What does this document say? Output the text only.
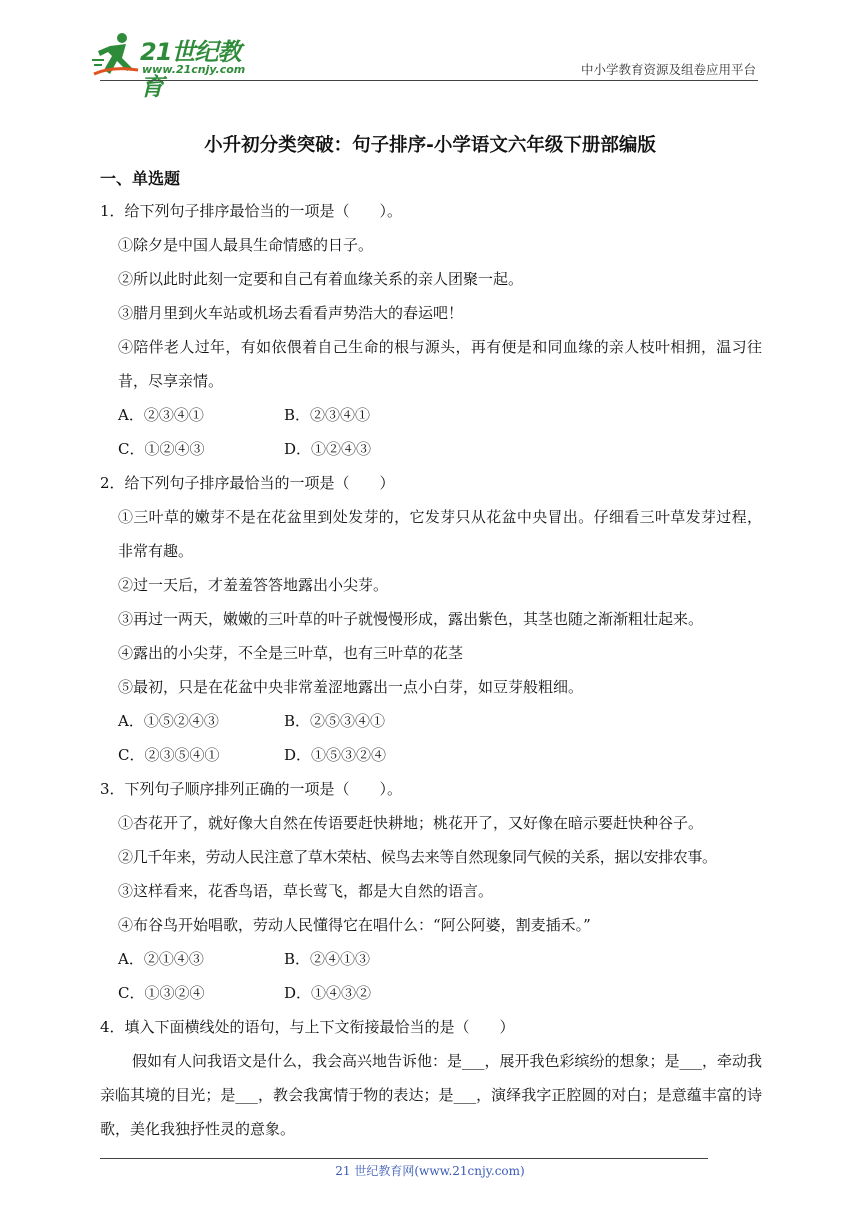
21世纪教育
www.21cnjy.com	中小学教育资源及组卷应用平台
小升初分类突破：句子排序-小学语文六年级下册部编版
一、单选题
1．给下列句子排序最恰当的一项是（　　）。
①除夕是中国人最具生命情感的日子。
②所以此时此刻一定要和自己有着血缘关系的亲人团聚一起。
③腊月里到火车站或机场去看看声势浩大的春运吧！
④陪伴老人过年，有如依偎着自己生命的根与源头，再有便是和同血缘的亲人枝叶相拥，温习往昔，尽享亲情。
A．②③④①	B．②③④①
C．①②④③	D．①②④③
2．给下列句子排序最恰当的一项是（　　）
①三叶草的嫩芽不是在花盆里到处发芽的，它发芽只从花盆中央冒出。仔细看三叶草发芽过程，非常有趣。
②过一天后，才羞羞答答地露出小尖芽。
③再过一两天，嫩嫩的三叶草的叶子就慢慢形成，露出紫色，其茎也随之渐渐粗壮起来。
④露出的小尖芽，不全是三叶草，也有三叶草的花茎
⑤最初，只是在花盆中央非常羞涩地露出一点小白芽，如豆芽般粗细。
A．①⑤②④③	B．②⑤③④①
C．②③⑤④①	D．①⑤③②④
3．下列句子顺序排列正确的一项是（　　）。
①杏花开了，就好像大自然在传语要赶快耕地；桃花开了，又好像在暗示要赶快种谷子。
②几千年来，劳动人民注意了草木荣枯、候鸟去来等自然现象同气候的关系，据以安排农事。
③这样看来，花香鸟语，草长莺飞，都是大自然的语言。
④布谷鸟开始唱歌，劳动人民懂得它在唱什么：“阿公阿婆，割麦插禾。”
A．②①④③	B．②④①③
C．①③②④	D．①④③②
4．填入下面横线处的语句，与上下文衔接最恰当的是（　　）
假如有人问我语文是什么，我会高兴地告诉他：是___，展开我色彩缤纷的想象；是___，牵动我亲临其境的目光；是___，教会我寓情于物的表达；是___，演绎我字正腔圆的对白；是意蕴丰富的诗歌，美化我独抒性灵的意象。
21 世纪教育网(www.21cnjy.com)
